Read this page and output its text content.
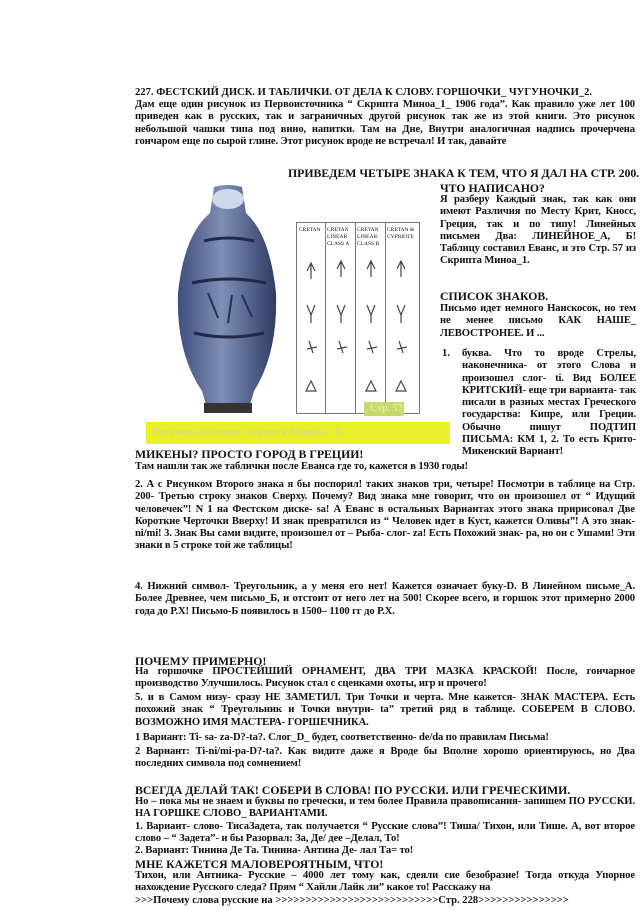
227. ФЕСТСКИЙ ДИСК. И ТАБЛИЧКИ. ОТ ДЕЛА К СЛОВУ. ГОРШОЧКИ_ ЧУГУНОЧКИ_2.
Дам еще один рисунок из Первоисточника “ Скрипта Миноа_1_ 1906 года”. Как правило уже лет 100 приведен как в русских, так и заграничных другой рисунок так же из этой книги. Это рисунок небольшой чашки типа под вино, напитки. Там на Дне, Внутри аналогичная надпись прочерчена гончаром еще по сырой глине. Этот рисунок вроде не встречал! И так, давайте
ПРИВЕДЕМ ЧЕТЫРЕ ЗНАКА К ТЕМ, ЧТО Я ДАЛ НА СТР. 200.
ЧТО НАПИСАНО?
CRETAN	CRETAN LINEAR CLASS A
CRETAN LINEAR CLASS B
CRETAN & CYPRIOTE
Стр. 57.
Рисунок из книги Скрипта Миноа – 1.
Я разберу Каждый знак, так как они имеют Различия по Месту Крит, Кносс, Греция, так и по типу! Линейных письмен Два: ЛИНЕЙНОЕ_А, Б! Таблицу составил Еванс, и это Стр. 57 из Скрипта Миноа_1.
СПИСОК ЗНАКОВ.
Письмо идет немного Наискосок, но тем не менее письмо КАК НАШЕ_ ЛЕВОСТРОНЕЕ. И ...
1. буква. Что то вроде Стрелы, наконечника- от этого Слова и произошел слог- ti. Вид БОЛЕЕ КРИТСКИЙ- еще три варианта- так писали в разных местах Греческого государства: Кипре, или Греции. Обычно пишут ПОДТИП ПИСЬМА: КМ 1, 2. То есть Крито-Микенский Вариант!
МИКЕНЫ? ПРОСТО ГОРОД В ГРЕЦИИ!
Там нашли так же таблички после Еванса где то, кажется в 1930 годы!
2. А с Рисунком Второго знака я бы поспорил! таких знаков три, четыре! Посмотри в таблице на Стр. 200- Третью строку знаков Сверху. Почему? Вид знака мне говорит, что он произошел от “ Идущий человечек”! N 1 на Фестском диске- sa! А Еванс в остальных Вариантах этого знака пририсовал Две Короткие Черточки Вверху! И знак превратился из “ Человек идет в Куст, кажется Оливы”! А это знак- ni/mi! 3. Знак Вы сами видите, произошел от – Рыба- слог- za! Есть Похожий знак- ра, но он с Ушами! Эти знаки в 5 строке той же таблицы!
4. Нижний символ- Треугольник, а у меня его нет! Кажется означает буку-D. В Линейном письме_А. Более Древнее, чем письмо_Б, и отстоит от него лет на 500! Скорее всего, и горшок этот примерно 2000 года до Р.Х! Письмо-Б появилось в 1500– 1100 гг до Р.Х.
ПОЧЕМУ ПРИМЕРНО!
На горшочке ПРОСТЕЙШИЙ ОРНАМЕНТ, ДВА ТРИ МАЗКА КРАСКОЙ! После, гончарное производство Улучшилось. Рисунок стал с сценками охоты, игр и прочего!
5. и в Самом низу- сразу НЕ ЗАМЕТИЛ. Три Точки и черта. Мне кажется- ЗНАК МАСТЕРА. Есть похожий знак “ Треугольник и Точки внутри- ta” третий ряд в таблице. СОБЕРЕМ В СЛОВО. ВОЗМОЖНО ИМЯ МАСТЕРА- ГОРШЕЧНИКА.
1 Вариант: Ti- sa- za-D?-ta?. Слог_D_ будет, соответственно- de/da по правилам Письма!
2 Вариант: Ti-ni/mi-pa-D?-ta?. Как видите даже я Вроде бы Вполне хорошо ориентируюсь, но Два последних символа под сомнением!
ВСЕГДА ДЕЛАЙ ТАК! СОБЕРИ В СЛОВА! ПО РУССКИ. ИЛИ ГРЕЧЕСКИМИ.
Но – пока мы не знаем и буквы по гречески, и тем более Правила правописания- запишем ПО РУССКИ. НА ГОРШКЕ СЛОВО_ ВАРИАНТАМИ.
1. Вариант- слово- ТисаЗадета, так получается “ Русские слова”! Тиша/ Тихон, или Тише. А, вот второе слово – “ Задета”- и бы Разорвал: За, Де/ дее –Делал, То!
2. Вариант: Тинина Де Та. Тинина- Антина Де- лал Та= то!
МНЕ КАЖЕТСЯ МАЛОВЕРОЯТНЫМ, ЧТО!
Тихон, или Антинка- Русские – 4000 лет тому как, сдеяли сие безобразие! Тогда откуда Упорное нахождение Русского следа? Прям “ Хайли Лайк ли” какое то! Расскажу на
>>>Почему слова русские на >>>>>>>>>>>>>>>>>>>>>>>>>>>Стр. 228>>>>>>>>>>>>>>>
